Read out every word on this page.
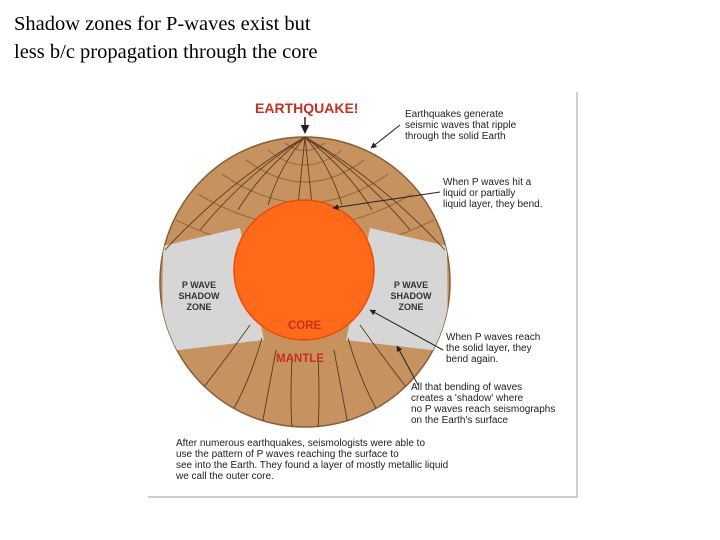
Shadow zones for P-waves exist but less b/c propagation through the core
EARTHQUAKE!
CORE
MANTLE
P WAVE
SHADOW
ZONE
P WAVE
SHADOW
ZONE
Earthquakes generate
seismic waves that ripple
through the solid Earth
When P waves hit a
liquid or partially
liquid layer, they bend.
When P waves reach
the solid layer, they
bend again.
All that bending of waves
creates a 'shadow' where
no P waves reach seismographs
on the Earth's surface
After numerous earthquakes, seismologists were able to
use the pattern of P waves reaching the surface to
see into the Earth. They found a layer of mostly metallic liquid
we call the outer core.
